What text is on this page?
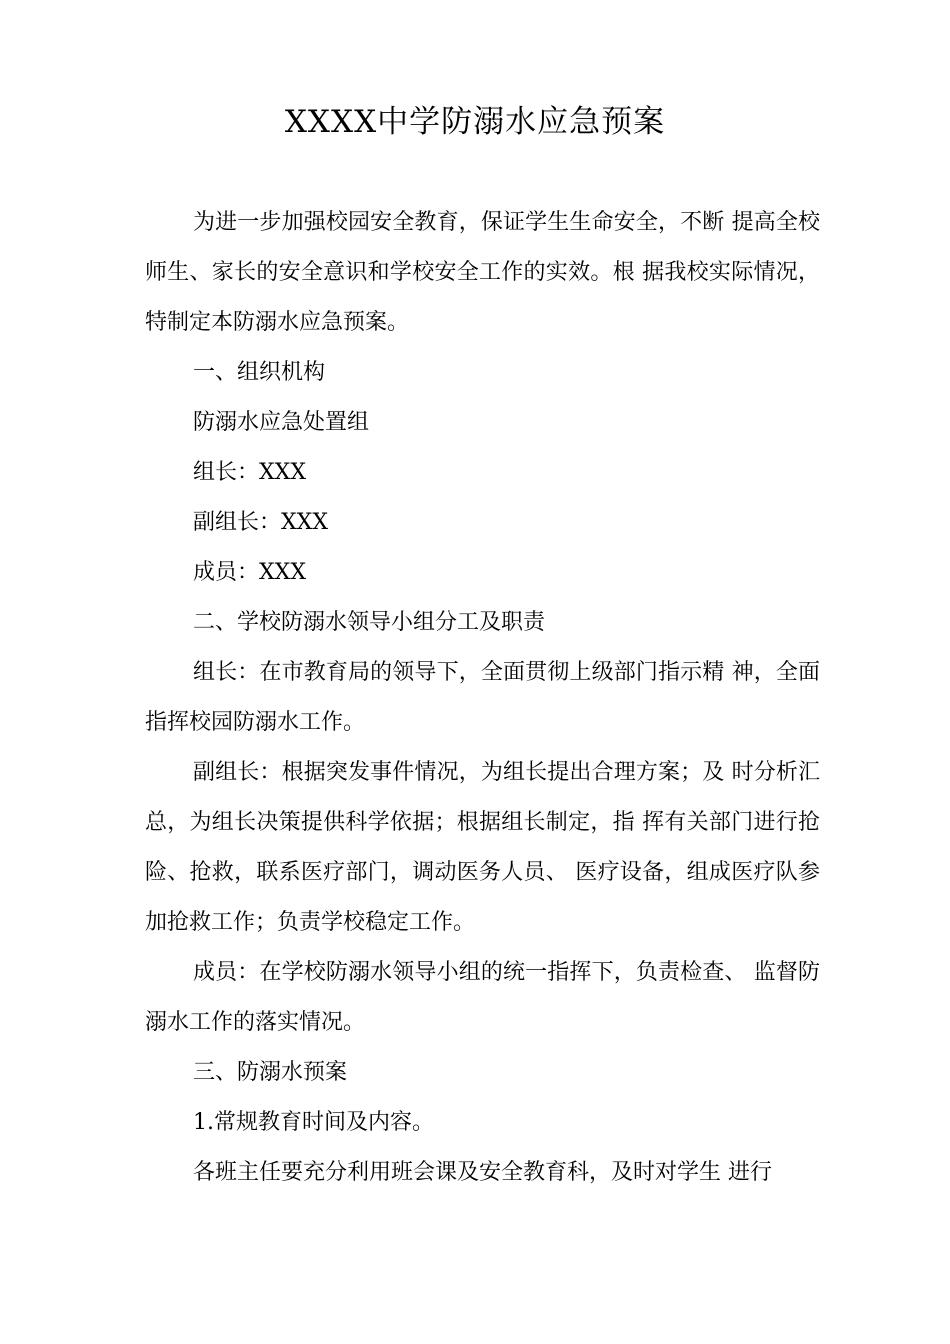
XXXX中学防溺水应急预案

为进一步加强校园安全教育，保证学生生命安全，不断 提高全校师生、家长的安全意识和学校安全工作的实效。根 据我校实际情况，特制定本防溺水应急预案。

一、组织机构

防溺水应急处置组

组长：XXX

副组长：XXX

成员：XXX

二、学校防溺水领导小组分工及职责

组长：在市教育局的领导下，全面贯彻上级部门指示精 神，全面指挥校园防溺水工作。

副组长：根据突发事件情况，为组长提出合理方案；及 时分析汇总，为组长决策提供科学依据；根据组长制定，指 挥有关部门进行抢险、抢救，联系医疗部门，调动医务人员、 医疗设备，组成医疗队参加抢救工作；负责学校稳定工作。

成员：在学校防溺水领导小组的统一指挥下，负责检查、 监督防溺水工作的落实情况。

三、防溺水预案

1.常规教育时间及内容。

各班主任要充分利用班会课及安全教育科，及时对学生 进行
